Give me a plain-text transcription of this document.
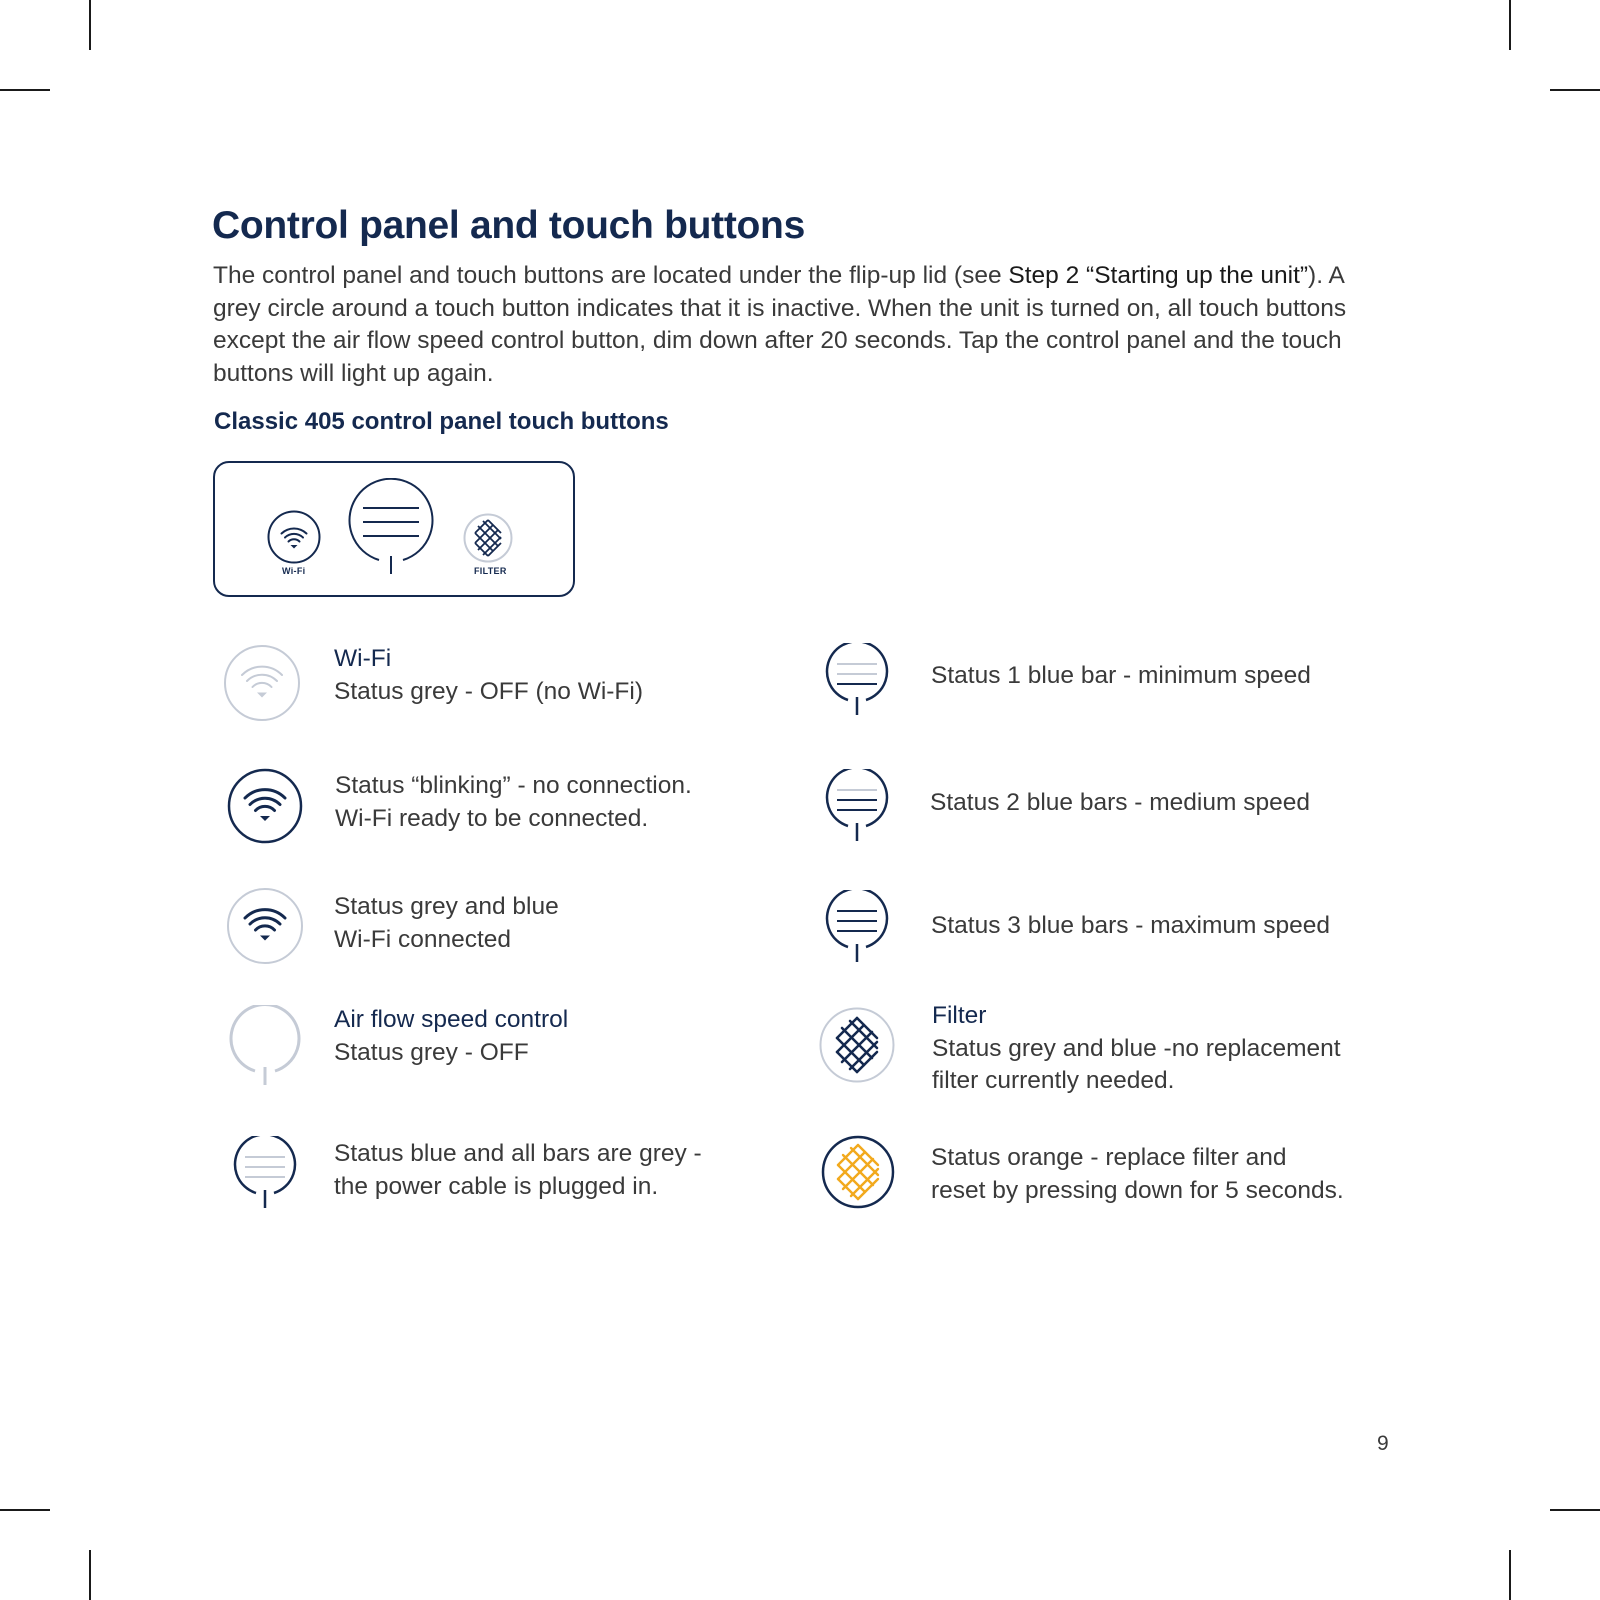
Control panel and touch buttons

The control panel and touch buttons are located under the flip-up lid (see Step 2 “Starting up the unit”). A grey circle around a touch button indicates that it is inactive. When the unit is turned on, all touch buttons except the air flow speed control button, dim down after 20 seconds. Tap the control panel and the touch buttons will light up again.

Classic 405 control panel touch buttons
Wi-Fi	FILTER
Wi-Fi
Status grey - OFF (no Wi-Fi)
Status “blinking” - no connection.
Wi-Fi ready to be connected.
Status grey and blue
Wi-Fi connected
Air flow speed control
Status grey - OFF
Status blue and all bars are grey -
the power cable is plugged in.
Status 1 blue bar - minimum speed
Status 2 blue bars - medium speed
Status 3 blue bars - maximum speed
Filter
Status grey and blue -no replacement
filter currently needed.
Status orange - replace filter and
reset by pressing down for 5 seconds.
9
